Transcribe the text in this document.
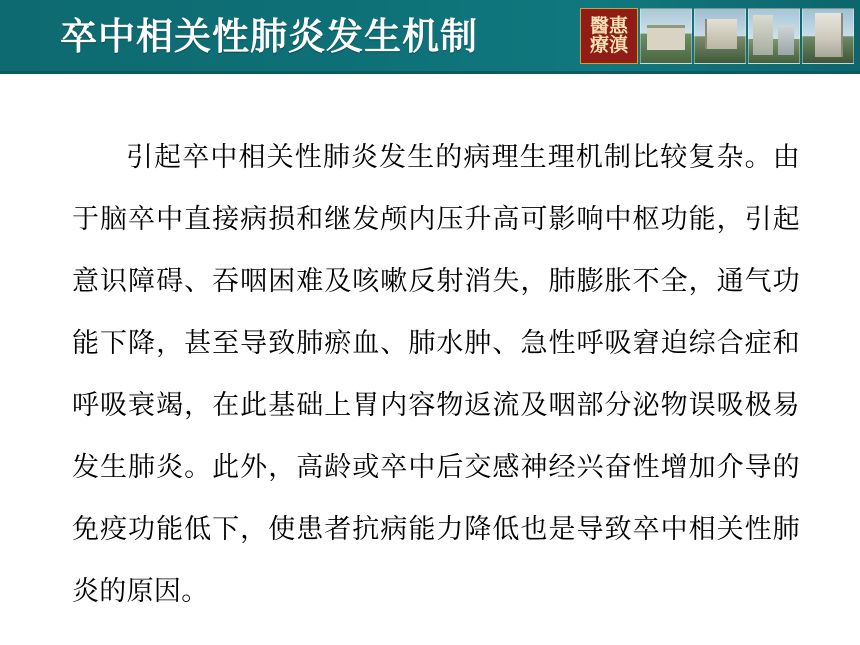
卒中相关性肺炎发生机制	醫惠
療滇

引起卒中相关性肺炎发生的病理生理机制比较复杂。由于脑卒中直接病损和继发颅内压升高可影响中枢功能，引起意识障碍、吞咽困难及咳嗽反射消失，肺膨胀不全，通气功能下降，甚至导致肺瘀血、肺水肿、急性呼吸窘迫综合症和呼吸衰竭，在此基础上胃内容物返流及咽部分泌物误吸极易发生肺炎。此外，高龄或卒中后交感神经兴奋性增加介导的免疫功能低下，使患者抗病能力降低也是导致卒中相关性肺炎的原因。
